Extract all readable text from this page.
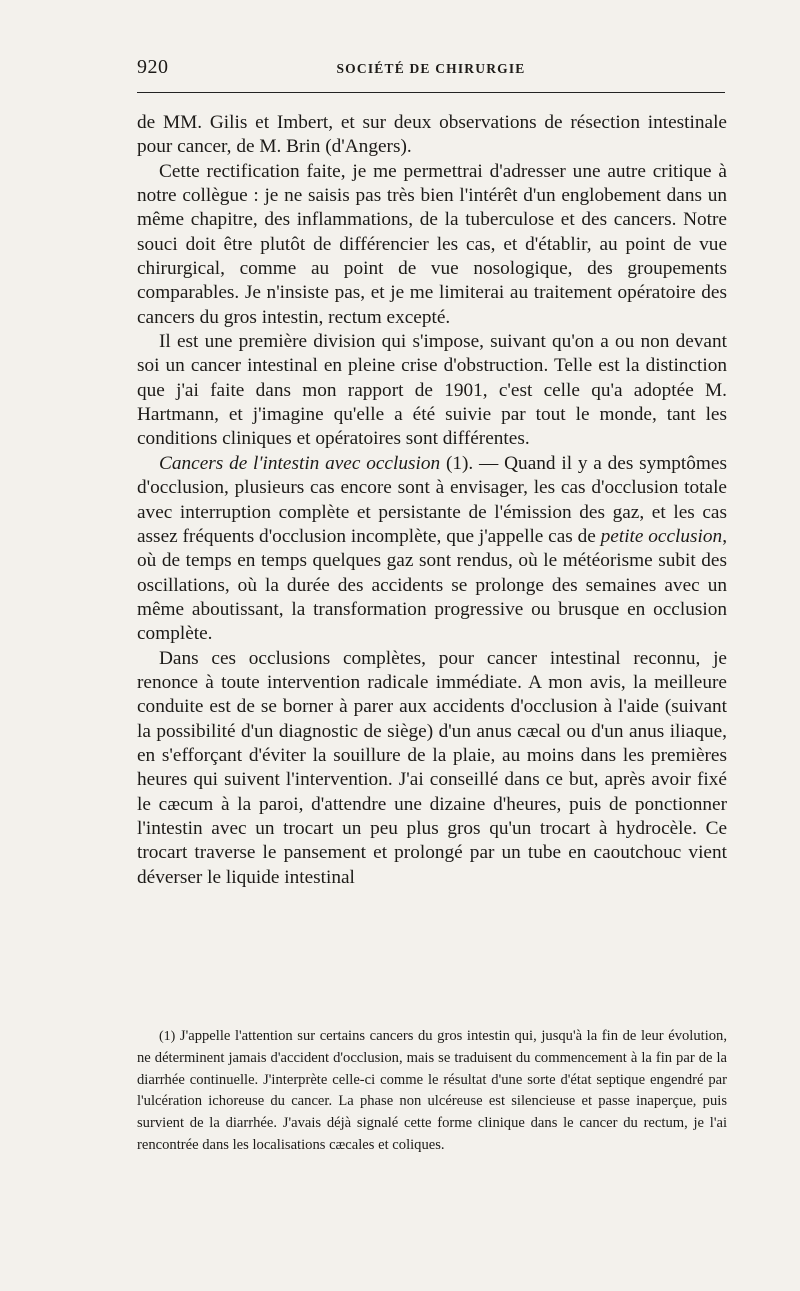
920	SOCIÉTÉ DE CHIRURGIE

de MM. Gilis et Imbert, et sur deux observations de résection intestinale pour cancer, de M. Brin (d'Angers).

Cette rectification faite, je me permettrai d'adresser une autre critique à notre collègue : je ne saisis pas très bien l'intérêt d'un englobement dans un même chapitre, des inflammations, de la tuberculose et des cancers. Notre souci doit être plutôt de différencier les cas, et d'établir, au point de vue chirurgical, comme au point de vue nosologique, des groupements comparables. Je n'insiste pas, et je me limiterai au traitement opératoire des cancers du gros intestin, rectum excepté.

Il est une première division qui s'impose, suivant qu'on a ou non devant soi un cancer intestinal en pleine crise d'obstruction. Telle est la distinction que j'ai faite dans mon rapport de 1901, c'est celle qu'a adoptée M. Hartmann, et j'imagine qu'elle a été suivie par tout le monde, tant les conditions cliniques et opératoires sont différentes.

Cancers de l'intestin avec occlusion (1). — Quand il y a des symptômes d'occlusion, plusieurs cas encore sont à envisager, les cas d'occlusion totale avec interruption complète et persistante de l'émission des gaz, et les cas assez fréquents d'occlusion incomplète, que j'appelle cas de petite occlusion, où de temps en temps quelques gaz sont rendus, où le météorisme subit des oscillations, où la durée des accidents se prolonge des semaines avec un même aboutissant, la transformation progressive ou brusque en occlusion complète.

Dans ces occlusions complètes, pour cancer intestinal reconnu, je renonce à toute intervention radicale immédiate. A mon avis, la meilleure conduite est de se borner à parer aux accidents d'occlusion à l'aide (suivant la possibilité d'un diagnostic de siège) d'un anus cæcal ou d'un anus iliaque, en s'efforçant d'éviter la souillure de la plaie, au moins dans les premières heures qui suivent l'intervention. J'ai conseillé dans ce but, après avoir fixé le cæcum à la paroi, d'attendre une dizaine d'heures, puis de ponctionner l'intestin avec un trocart un peu plus gros qu'un trocart à hydrocèle. Ce trocart traverse le pansement et prolongé par un tube en caoutchouc vient déverser le liquide intestinal

(1) J'appelle l'attention sur certains cancers du gros intestin qui, jusqu'à la fin de leur évolution, ne déterminent jamais d'accident d'occlusion, mais se traduisent du commencement à la fin par de la diarrhée continuelle. J'interprète celle-ci comme le résultat d'une sorte d'état septique engendré par l'ulcération ichoreuse du cancer. La phase non ulcéreuse est silencieuse et passe inaperçue, puis survient de la diarrhée. J'avais déjà signalé cette forme clinique dans le cancer du rectum, je l'ai rencontrée dans les localisations cæcales et coliques.
